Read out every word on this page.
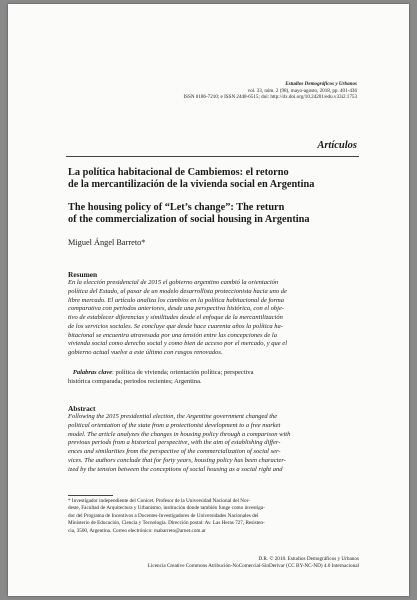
Estudios Demográficos y Urbanos
vol. 33, núm. 2 (98), mayo-agosto, 2018, pp. 401-436
ISSN 0186-7210; e ISSN 2448-6515; doi: http://dx.doi.org/10.24201/edu.v33i2.1753
Artículos
La política habitacional de Cambiemos: el retorno
de la mercantilización de la vivienda social en Argentina
The housing policy of “Let’s change”: The return
of the commercialization of social housing in Argentina
Miguel Ángel Barreto*
Resumen
En la elección presidencial de 2015 el gobierno argentino cambió la orientación
política del Estado, al pasar de un modelo desarrollista proteccionista hacia uno de
libre mercado. El artículo analiza los cambios en la política habitacional de forma
comparativa con periodos anteriores, desde una perspectiva histórica, con el obje-
tivo de establecer diferencias y similitudes desde el enfoque de la mercantilización
de los servicios sociales. Se concluye que desde hace cuarenta años la política ha-
bitacional se encuentra atravesada por una tensión entre las concepciones de la
vivienda social como derecho social y como bien de acceso por el mercado, y que el
gobierno actual vuelve a este último con rasgos renovados.
Palabras clave: política de vivienda; orientación política; perspectiva
histórica comparada; periodos recientes; Argentina.
Abstract
Following the 2015 presidential election, the Argentine government changed the
political orientation of the state from a protectionist development to a free market
model. The article analyzes the changes in housing policy through a comparison with
previous periods from a historical perspective, with the aim of establishing differ-
ences and similarities from the perspective of the commercialization of social ser-
vices. The authors conclude that for forty years, housing policy has been character-
ized by the tension between the conceptions of social housing as a social right and
* Investigador independiente del Conicet. Profesor de la Universidad Nacional del Nor-
deste, Facultad de Arquitectura y Urbanismo, institución donde también funge como investiga-
dor del Programa de Incentivos a Docentes-Investigadores de Universidades Nacionales del
Ministerio de Educación, Ciencia y Tecnología. Dirección postal: Av. Las Heras 727, Resisten-
cia, 3500, Argentina. Correo electrónico: mabarreto@arnet.com.ar
D.R. © 2018. Estudios Demográficos y Urbanos
Licencia Creative Commons Atribución-NoComercial-SinDerivar (CC BY-NC-ND) 4.0 Internacional
